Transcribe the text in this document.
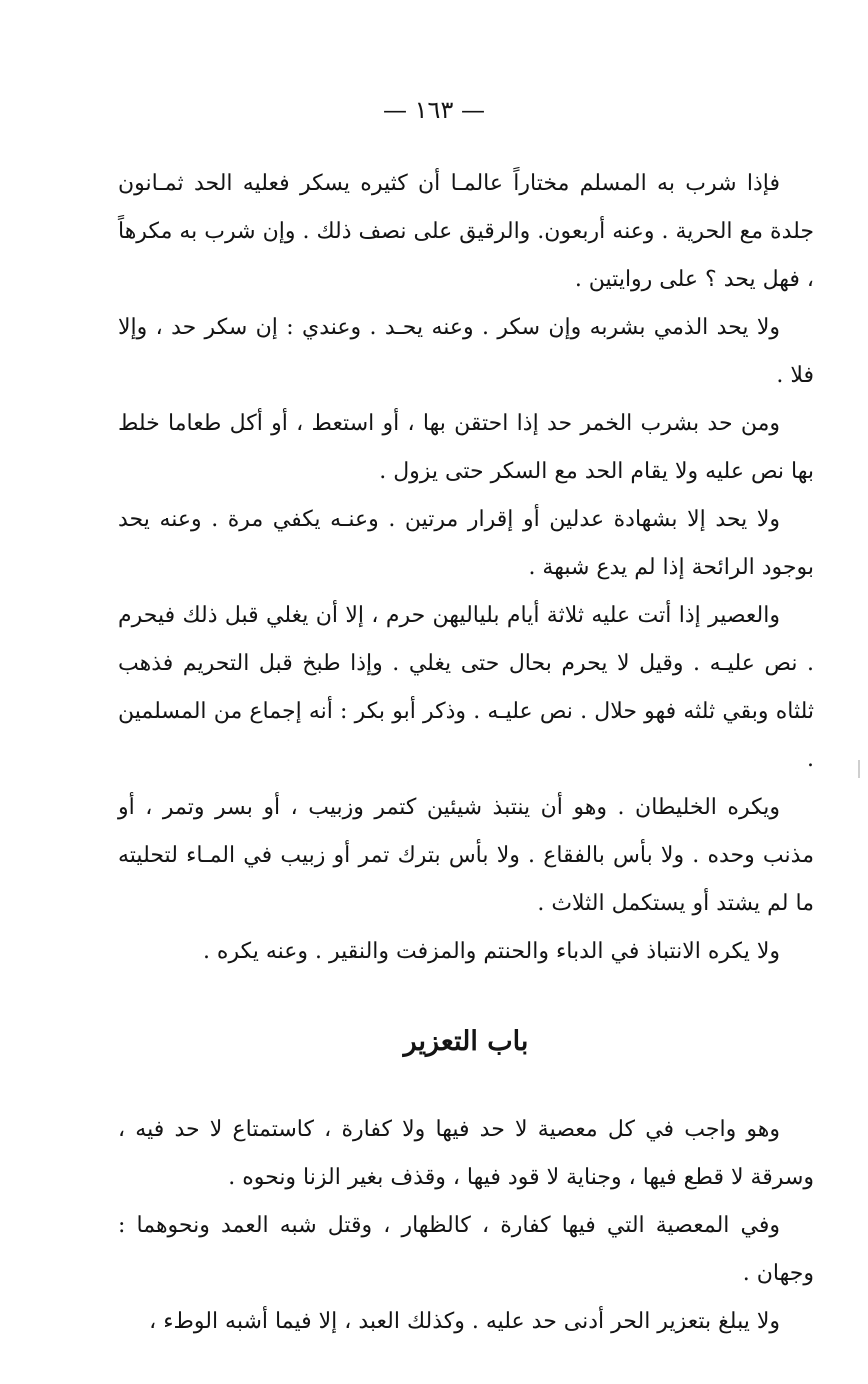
— ١٦٣ —

فإذا شرب به المسلم مختاراً عالمـا أن كثيره يسكر فعليه الحد ثمـانون جلدة مع الحرية . وعنه أربعون. والرقيق على نصف ذلك . وإن شرب به مكرهاً ، فهل يحد ؟ على روايتين .

ولا يحد الذمي بشربه وإن سكر . وعنه يحـد . وعندي : إن سكر حد ، وإلا فلا .

ومن حد بشرب الخمر حد إذا احتقن بها ، أو استعط ، أو أكل طعاما خلط بها نص عليه ولا يقام الحد مع السكر حتى يزول .

ولا يحد إلا بشهادة عدلين أو إقرار مرتين . وعنـه يكفي مرة . وعنه يحد بوجود الرائحة إذا لم يدع شبهة .

والعصير إذا أتت عليه ثلاثة أيام بلياليهن حرم ، إلا أن يغلي قبل ذلك فيحرم . نص عليـه . وقيل لا يحرم بحال حتى يغلي . وإذا طبخ قبل التحريم فذهب ثلثاه وبقي ثلثه فهو حلال . نص عليـه . وذكر أبو بكر : أنه إجماع من المسلمين .

ويكره الخليطان . وهو أن ينتبذ شيئين كتمر وزبيب ، أو بسر وتمر ، أو مذنب وحده . ولا بأس بالفقاع . ولا بأس بترك تمر أو زبيب في المـاء لتحليته ما لم يشتد أو يستكمل الثلاث .

ولا يكره الانتباذ في الدباء والحنتم والمزفت والنقير . وعنه يكره .

باب التعزير

وهو واجب في كل معصية لا حد فيها ولا كفارة ، كاستمتاع لا حد فيه ، وسرقة لا قطع فيها ، وجناية لا قود فيها ، وقذف بغير الزنا ونحوه .

وفي المعصية التي فيها كفارة ، كالظهار ، وقتل شبه العمد ونحوهما : وجهان .

ولا يبلغ بتعزير الحر أدنى حد عليه . وكذلك العبد ، إلا فيما أشبه الوطء ،
